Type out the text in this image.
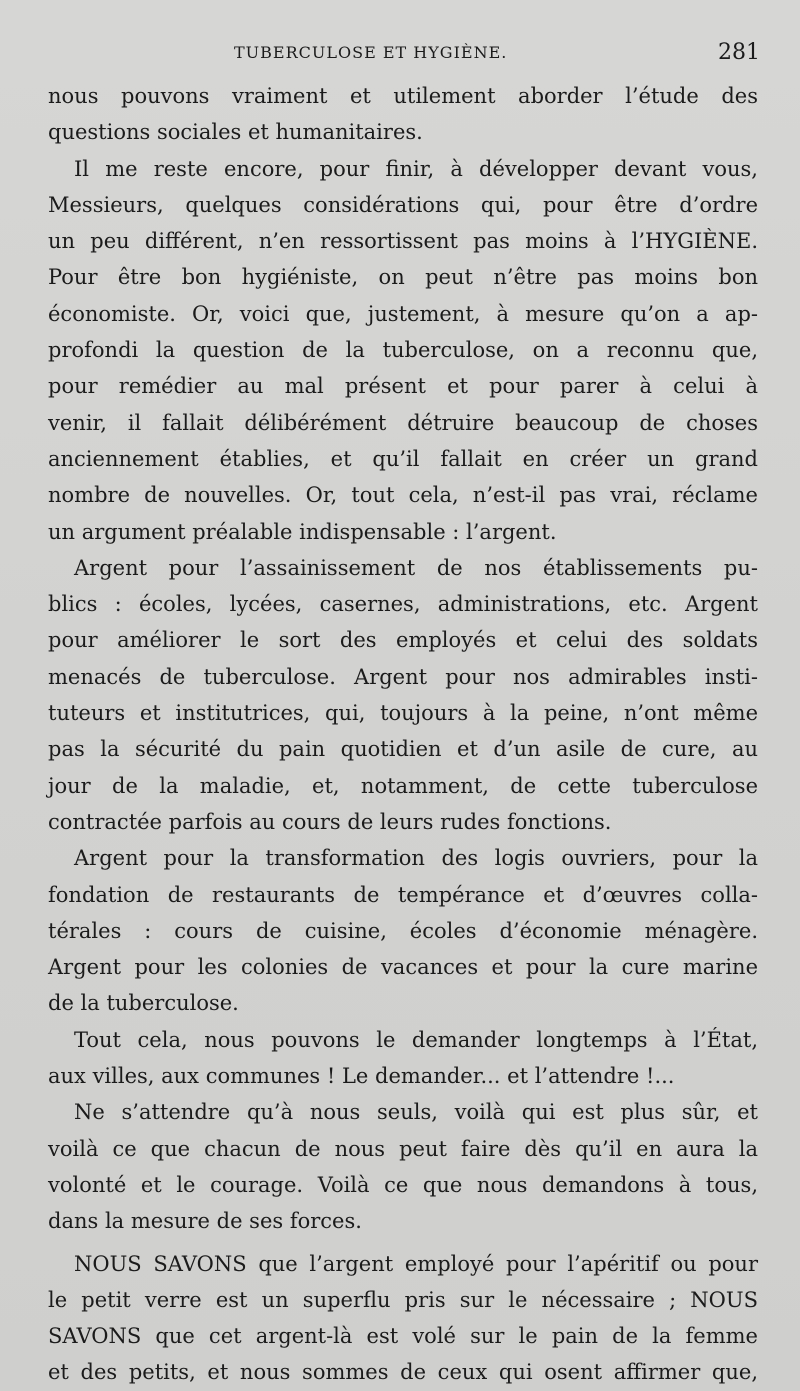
TUBERCULOSE ET HYGIÈNE.	281
nous pouvons vraiment et utilement aborder l’étude des
questions sociales et humanitaires.
Il me reste encore, pour finir, à développer devant vous,
Messieurs, quelques considérations qui, pour être d’ordre
un peu différent, n’en ressortissent pas moins à l’HYGIÈNE.
Pour être bon hygiéniste, on peut n’être pas moins bon
économiste. Or, voici que, justement, à mesure qu’on a ap-
profondi la question de la tuberculose, on a reconnu que,
pour remédier au mal présent et pour parer à celui à
venir, il fallait délibérément détruire beaucoup de choses
anciennement établies, et qu’il fallait en créer un grand
nombre de nouvelles. Or, tout cela, n’est-il pas vrai, réclame
un argument préalable indispensable : l’argent.
Argent pour l’assainissement de nos établissements pu-
blics : écoles, lycées, casernes, administrations, etc. Argent
pour améliorer le sort des employés et celui des soldats
menacés de tuberculose. Argent pour nos admirables insti-
tuteurs et institutrices, qui, toujours à la peine, n’ont même
pas la sécurité du pain quotidien et d’un asile de cure, au
jour de la maladie, et, notamment, de cette tuberculose
contractée parfois au cours de leurs rudes fonctions.
Argent pour la transformation des logis ouvriers, pour la
fondation de restaurants de tempérance et d’œuvres colla-
térales : cours de cuisine, écoles d’économie ménagère.
Argent pour les colonies de vacances et pour la cure marine
de la tuberculose.
Tout cela, nous pouvons le demander longtemps à l’État,
aux villes, aux communes ! Le demander... et l’attendre !...
Ne s’attendre qu’à nous seuls, voilà qui est plus sûr, et
voilà ce que chacun de nous peut faire dès qu’il en aura la
volonté et le courage. Voilà ce que nous demandons à tous,
dans la mesure de ses forces.
NOUS SAVONS que l’argent employé pour l’apéritif ou pour
le petit verre est un superflu pris sur le nécessaire ; NOUS
SAVONS que cet argent-là est volé sur le pain de la femme
et des petits, et nous sommes de ceux qui osent affirmer que,
